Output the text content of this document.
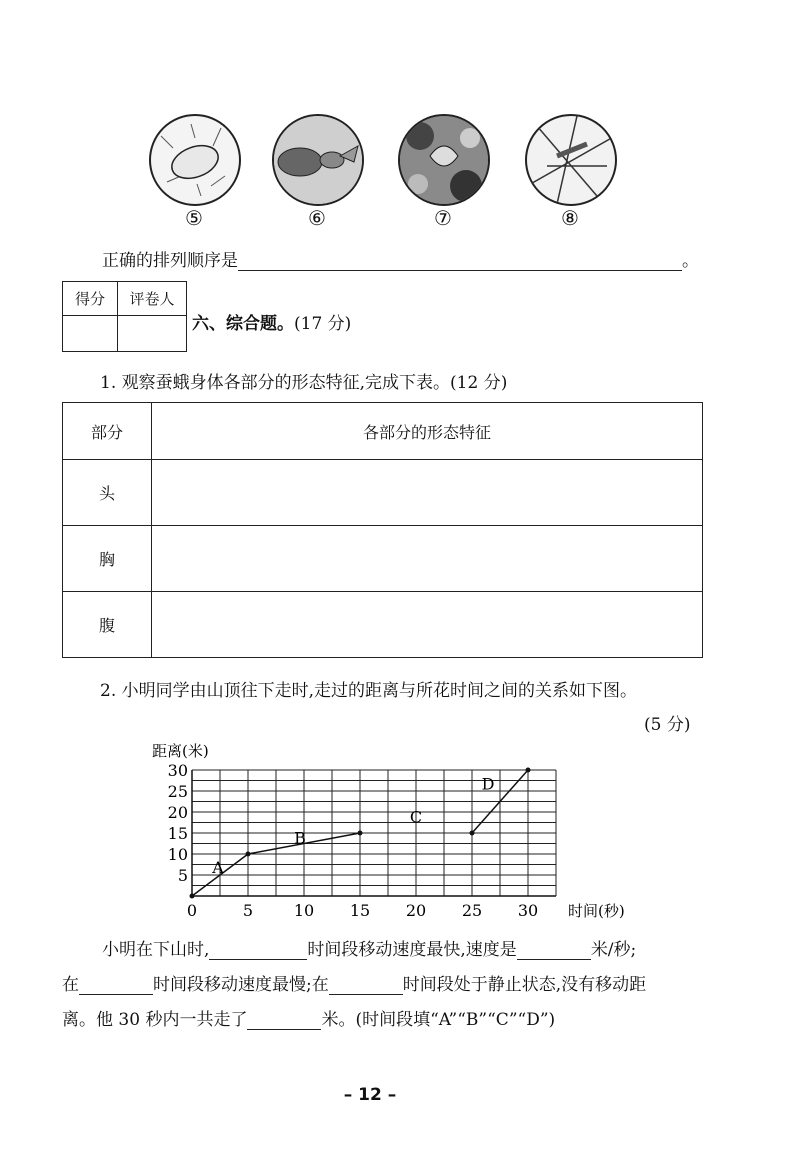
⑤	⑥	⑦	⑧
正确的排列顺序是	。
得分	评卷人

六、综合题。(17 分)
1. 观察蚕蛾身体各部分的形态特征,完成下表。(12 分)
部分	各部分的形态特征
头	
胸	
腹	
2. 小明同学由山顶往下走时,走过的距离与所花时间之间的关系如下图。
(5 分)
0	5	10 15 20 25 30
5
10
15
20
25
30
距离(米)
时间(秒)
A
B
C
D
小明在下山时,	时间段移动速度最快,速度是	米/秒;
在	时间段移动速度最慢;在	时间段处于静止状态,没有移动距
离。他 30 秒内一共走了	米。(时间段填“A”“B”“C”“D”)
– 12 –
